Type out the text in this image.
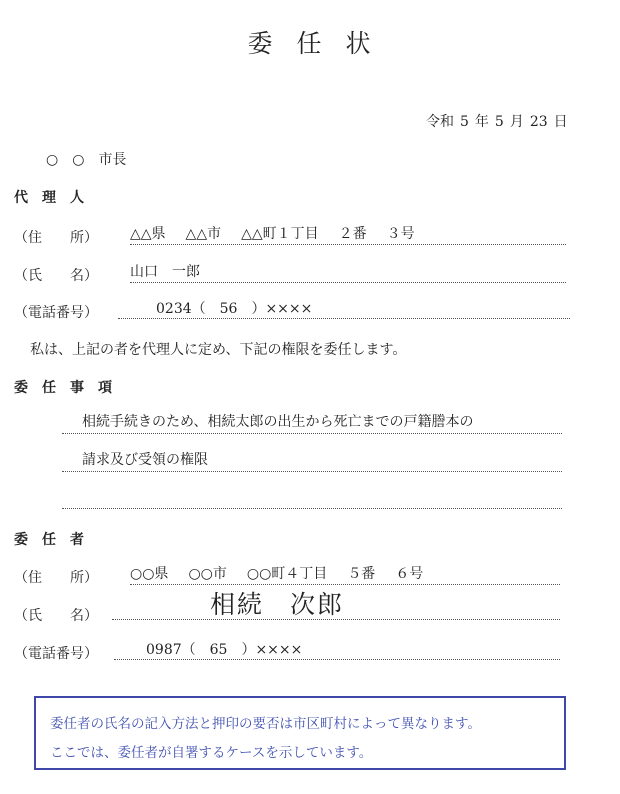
委 任 状
令和 5 年 5 月 23 日
○ ○ 市長
代 理 人
（住　　所） △△県 △△市 △△町１丁目 ２番 ３号
（氏　　名） 山口　一郎
（電話番号）	0234（　56　）××××
私は、上記の者を代理人に定め、下記の権限を委任します。
委 任 事 項
相続手続きのため、相続太郎の出生から死亡までの戸籍謄本の
請求及び受領の権限
委 任 者
（住　　所） ○○県 ○○市 ○○町４丁目 ５番 ６号
（氏　　名）	相続 次郎
（電話番号）	0987（　65　）××××

委任者の氏名の記入方法と押印の要否は市区町村によって異なります。

ここでは、委任者が自署するケースを示しています。
